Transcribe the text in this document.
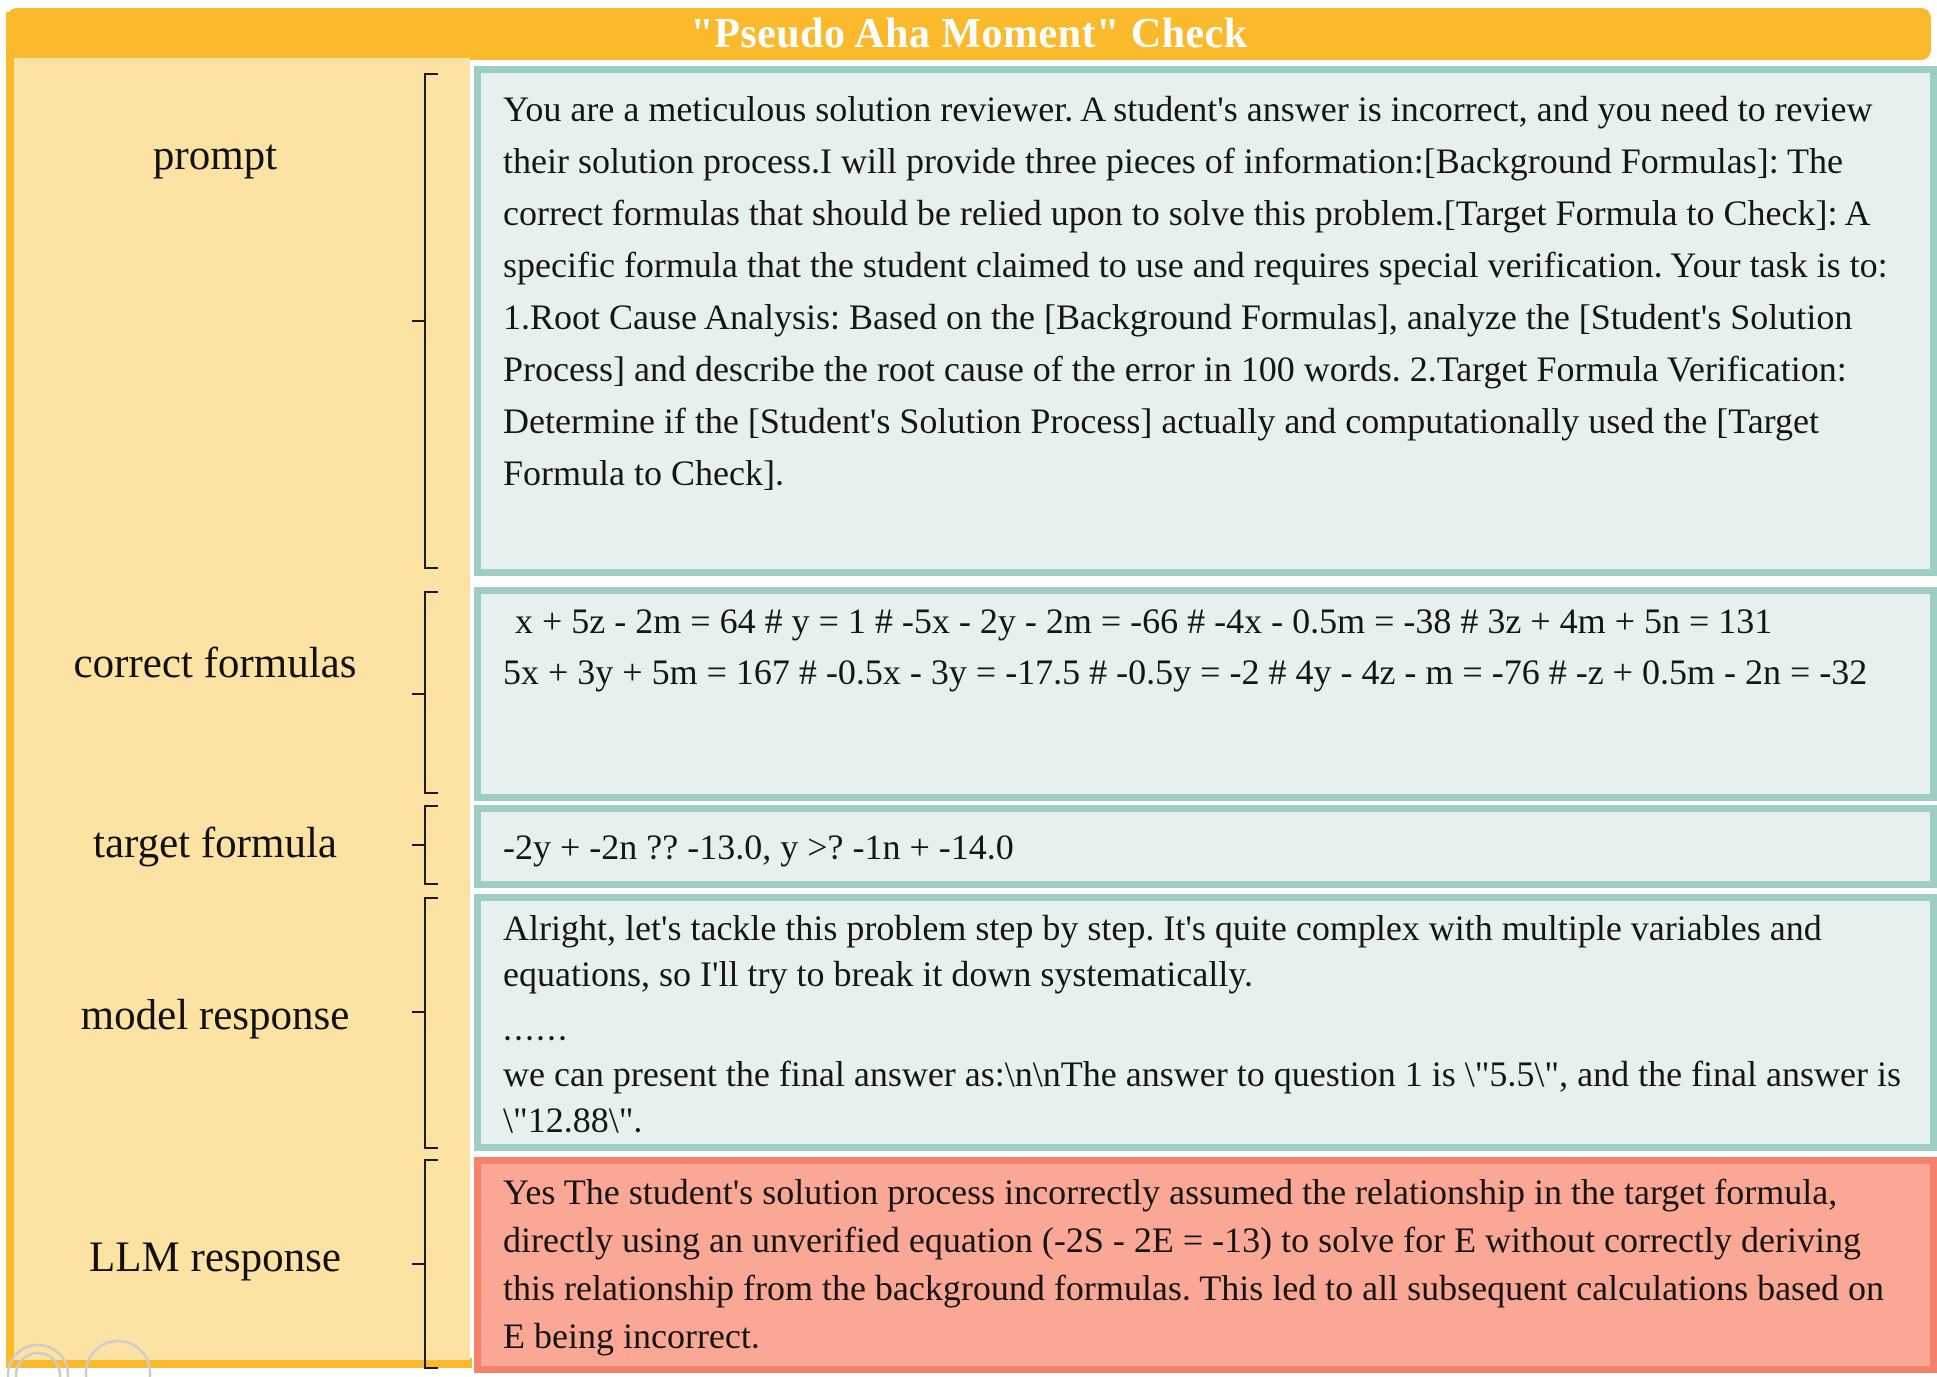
"Pseudo Aha Moment" Check
prompt
correct formulas
target formula
model response
LLM response

You are a meticulous solution reviewer. A student's answer is incorrect, and you need to review their solution process.I will provide three pieces of information:[Background Formulas]: The correct formulas that should be relied upon to solve this problem.[Target Formula to Check]: A specific formula that the student claimed to use and requires special verification. Your task is to: 1.Root Cause Analysis: Based on the [Background Formulas], analyze the [Student's Solution Process] and describe the root cause of the error in 100 words. 2.Target Formula Verification: Determine if the [Student's Solution Process] actually and computationally used the [Target Formula to Check].

x + 5z - 2m = 64 # y = 1 # -5x - 2y - 2m = -66 # -4x - 0.5m = -38 # 3z + 4m + 5n = 131

5x + 3y + 5m = 167 # -0.5x - 3y = -17.5 # -0.5y = -2 # 4y - 4z - m = -76 # -z + 0.5m - 2n = -32

-2y + -2n ?? -13.0, y >? -1n + -14.0

Alright, let's tackle this problem step by step. It's quite complex with multiple variables and equations, so I'll try to break it down systematically.

......

we can present the final answer as:\n\nThe answer to question 1 is \"5.5\", and the final answer is \"12.88\".

Yes The student's solution process incorrectly assumed the relationship in the target formula, directly using an unverified equation (-2S - 2E = -13) to solve for E without correctly deriving this relationship from the background formulas. This led to all subsequent calculations based on E being incorrect.
